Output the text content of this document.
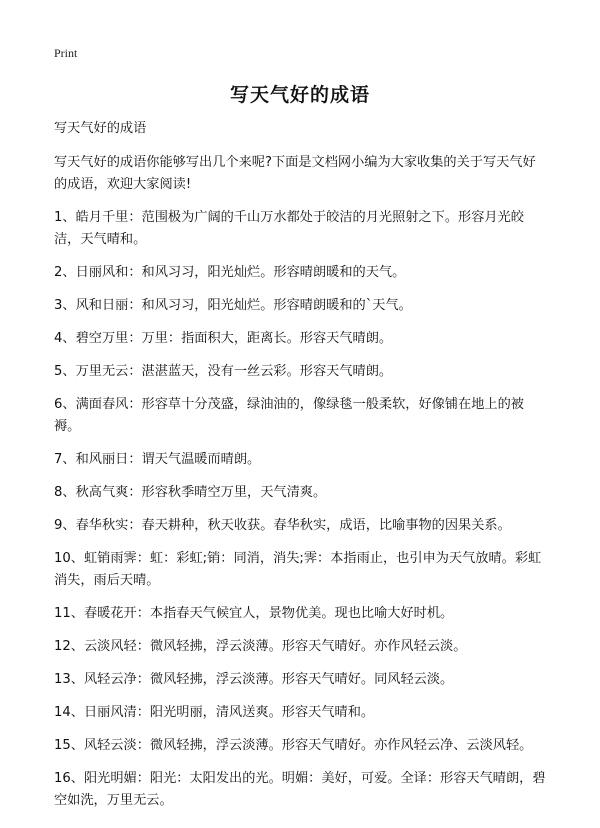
Print
写天气好的成语

写天气好的成语

写天气好的成语你能够写出几个来呢?下面是文档网小编为大家收集的关于写天气好的成语，欢迎大家阅读!

1、皓月千里：范围极为广阔的千山万水都处于皎洁的月光照射之下。形容月光皎洁，天气晴和。

2、日丽风和：和风习习，阳光灿烂。形容晴朗暖和的天气。

3、风和日丽：和风习习，阳光灿烂。形容晴朗暖和的`天气。

4、碧空万里：万里：指面积大，距离长。形容天气晴朗。

5、万里无云：湛湛蓝天，没有一丝云彩。形容天气晴朗。

6、满面春风：形容草十分茂盛，绿油油的，像绿毯一般柔软，好像铺在地上的被褥。

7、和风丽日：谓天气温暖而晴朗。

8、秋高气爽：形容秋季晴空万里，天气清爽。

9、春华秋实：春天耕种，秋天收获。春华秋实，成语，比喻事物的因果关系。

10、虹销雨霁：虹：彩虹;销：同消，消失;霁：本指雨止，也引申为天气放晴。彩虹消失，雨后天晴。

11、春暖花开：本指春天气候宜人，景物优美。现也比喻大好时机。

12、云淡风轻：微风轻拂，浮云淡薄。形容天气晴好。亦作风轻云淡。

13、风轻云净：微风轻拂，浮云淡薄。形容天气晴好。同风轻云淡。

14、日丽风清：阳光明丽，清风送爽。形容天气晴和。

15、风轻云淡：微风轻拂，浮云淡薄。形容天气晴好。亦作风轻云净、云淡风轻。

16、阳光明媚：阳光：太阳发出的光。明媚：美好，可爱。全译：形容天气晴朗，碧空如洗，万里无云。
